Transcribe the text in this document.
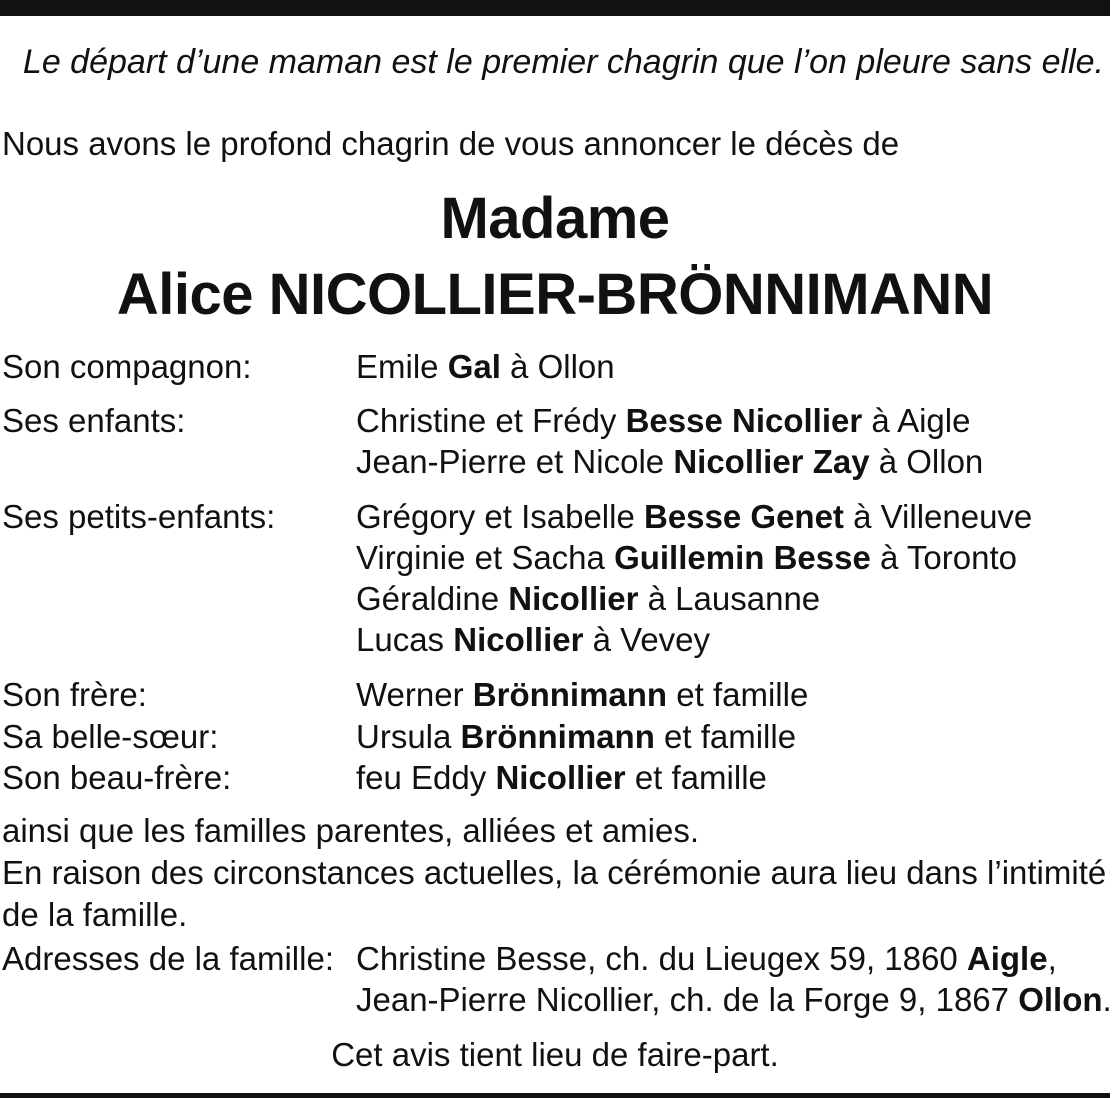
Le départ d’une maman est le premier chagrin que l’on pleure sans elle.
Nous avons le profond chagrin de vous annoncer le décès de
Madame
Alice NICOLLIER-BRÖNNIMANN
Son compagnon:	Emile Gal à Ollon
Ses enfants:	Christine et Frédy Besse Nicollier à Aigle
Jean-Pierre et Nicole Nicollier Zay à Ollon
Ses petits-enfants: Grégory et Isabelle Besse Genet à Villeneuve
Virginie et Sacha Guillemin Besse à Toronto
Géraldine Nicollier à Lausanne
Lucas Nicollier à Vevey
Son frère:	Werner Brönnimann et famille
Sa belle-sœur:	Ursula Brönnimann et famille
Son beau-frère:	feu Eddy Nicollier et famille
ainsi que les familles parentes, alliées et amies.
En raison des circonstances actuelles, la cérémonie aura lieu dans l’intimité
de la famille.
Adresses de la famille: Christine Besse, ch. du Lieugex 59, 1860 Aigle,
Jean-Pierre Nicollier, ch. de la Forge 9, 1867 Ollon.
Cet avis tient lieu de faire-part.
